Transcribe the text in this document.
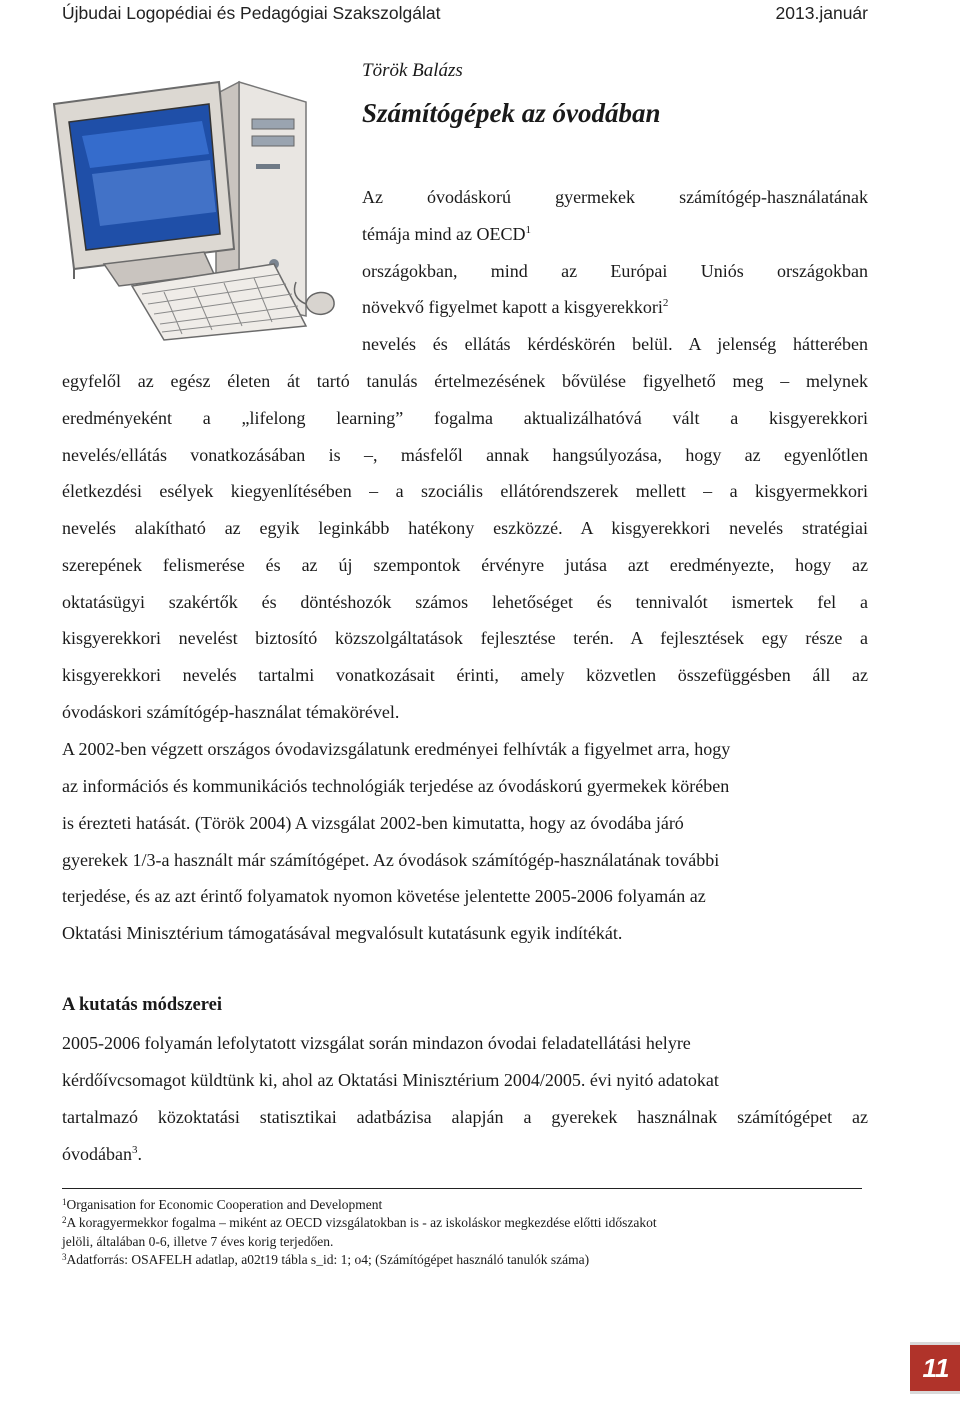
Újbudai Logopédiai és Pedagógiai Szakszolgálat	2013.január
Török Balázs
Számítógépek az óvodában
Az óvodáskorú gyermekek számítógép-használatának
témája mind az OECD$^1$
országokban, mind az Európai Uniós országokban
növekvő figyelmet kapott a kisgyerekkori$^2$
nevelés és ellátás kérdéskörén belül. A jelenség hátterében
egyfelől az egész életen át tartó tanulás értelmezésének bővülése figyelhető meg – melynek
eredményeként a „lifelong learning” fogalma aktualizálhatóvá vált a kisgyerekkori
nevelés/ellátás vonatkozásában is –, másfelől annak hangsúlyozása, hogy az egyenlőtlen
életkezdési esélyek kiegyenlítésében – a szociális ellátórendszerek mellett – a kisgyermekkori
nevelés alakítható az egyik leginkább hatékony eszközzé. A kisgyerekkori nevelés stratégiai
szerepének felismerése és az új szempontok érvényre jutása azt eredményezte, hogy az
oktatásügyi szakértők és döntéshozók számos lehetőséget és tennivalót ismertek fel a
kisgyerekkori nevelést biztosító közszolgáltatások fejlesztése terén. A fejlesztések egy része a
kisgyerekkori nevelés tartalmi vonatkozásait érinti, amely közvetlen összefüggésben áll az
óvodáskori számítógép-használat témakörével.
A 2002-ben végzett országos óvodavizsgálatunk eredményei felhívták a figyelmet arra, hogy
az információs és kommunikációs technológiák terjedése az óvodáskorú gyermekek körében
is érezteti hatását. (Török 2004) A vizsgálat 2002-ben kimutatta, hogy az óvodába járó
gyerekek 1/3-a használt már számítógépet. Az óvodások számítógép-használatának további
terjedése, és az azt érintő folyamatok nyomon követése jelentette 2005-2006 folyamán az
Oktatási Minisztérium támogatásával megvalósult kutatásunk egyik indítékát.
A kutatás módszerei
2005-2006 folyamán lefolytatott vizsgálat során mindazon óvodai feladatellátási helyre
kérdőívcsomagot küldtünk ki, ahol az Oktatási Minisztérium 2004/2005. évi nyitó adatokat
tartalmazó közoktatási statisztikai adatbázisa alapján a gyerekek használnak számítógépet az
óvodában$^3$.
$^1$Organisation for Economic Cooperation and Development
$^2$A koragyermekkor fogalma – miként az OECD vizsgálatokban is - az iskoláskor megkezdése előtti időszakot
jelöli, általában 0-6, illetve 7 éves korig terjedően.
$^3$Adatforrás: OSAFELH adatlap, a02t19 tábla s_id: 1; o4; (Számítógépet használó tanulók száma)
11
